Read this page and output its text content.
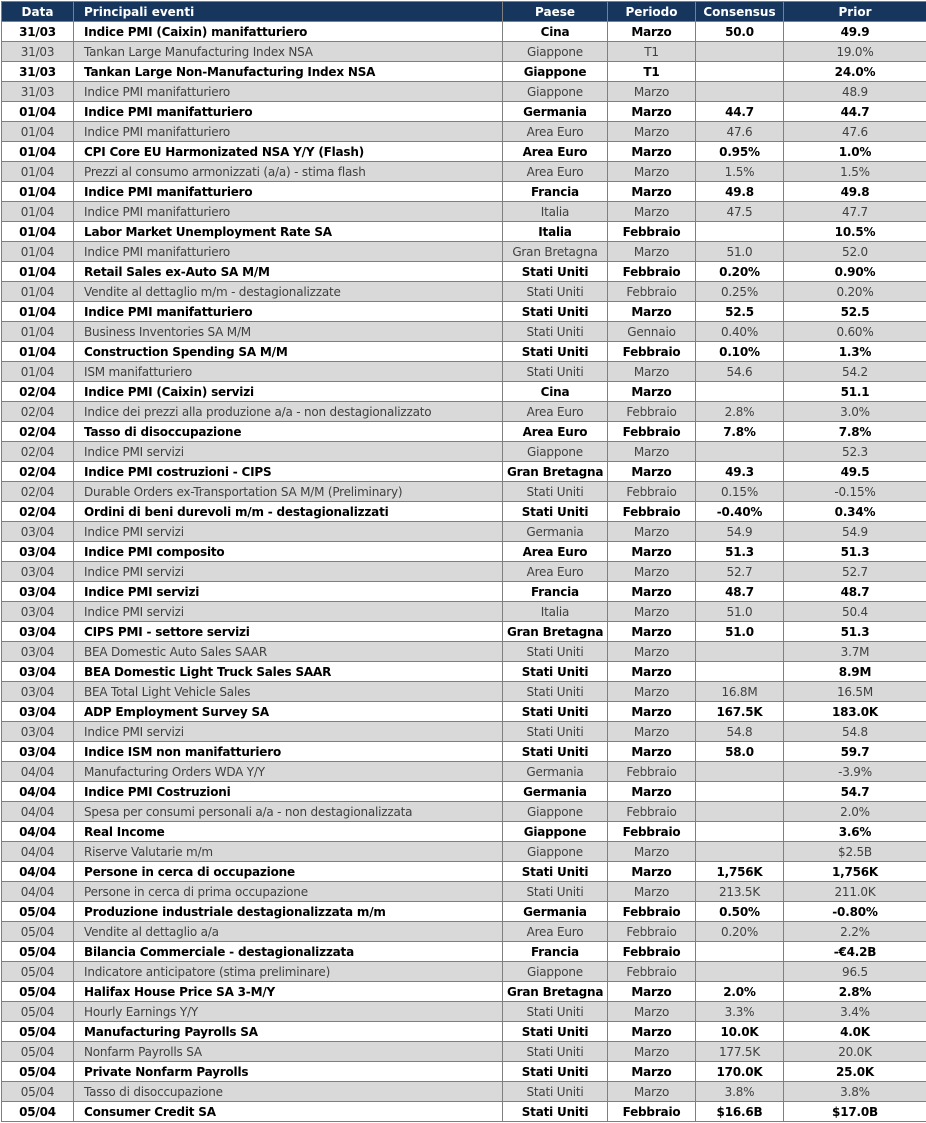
Data	Principali eventi	Paese	Periodo	Consensus	Prior
31/03	Indice PMI (Caixin) manifatturiero	Cina	Marzo	50.0	49.9
31/03	Tankan Large Manufacturing Index NSA	Giappone	T1		19.0%
31/03	Tankan Large Non-Manufacturing Index NSA	Giappone	T1		24.0%
31/03	Indice PMI manifatturiero	Giappone	Marzo		48.9
01/04	Indice PMI manifatturiero	Germania	Marzo	44.7	44.7
01/04	Indice PMI manifatturiero	Area Euro	Marzo	47.6	47.6
01/04	CPI Core EU Harmonizated NSA Y/Y (Flash)	Area Euro	Marzo	0.95%	1.0%
01/04	Prezzi al consumo armonizzati (a/a) - stima flash	Area Euro	Marzo	1.5%	1.5%
01/04	Indice PMI manifatturiero	Francia	Marzo	49.8	49.8
01/04	Indice PMI manifatturiero	Italia	Marzo	47.5	47.7
01/04	Labor Market Unemployment Rate SA	Italia	Febbraio		10.5%
01/04	Indice PMI manifatturiero	Gran Bretagna	Marzo	51.0	52.0
01/04	Retail Sales ex-Auto SA M/M	Stati Uniti	Febbraio	0.20%	0.90%
01/04	Vendite al dettaglio m/m - destagionalizzate	Stati Uniti	Febbraio	0.25%	0.20%
01/04	Indice PMI manifatturiero	Stati Uniti	Marzo	52.5	52.5
01/04	Business Inventories SA M/M	Stati Uniti	Gennaio	0.40%	0.60%
01/04	Construction Spending SA M/M	Stati Uniti	Febbraio	0.10%	1.3%
01/04	ISM manifatturiero	Stati Uniti	Marzo	54.6	54.2
02/04	Indice PMI (Caixin) servizi	Cina	Marzo		51.1
02/04	Indice dei prezzi alla produzione a/a - non destagionalizzato	Area Euro	Febbraio	2.8%	3.0%
02/04	Tasso di disoccupazione	Area Euro	Febbraio	7.8%	7.8%
02/04	Indice PMI servizi	Giappone	Marzo		52.3
02/04	Indice PMI costruzioni - CIPS	Gran Bretagna	Marzo	49.3	49.5
02/04	Durable Orders ex-Transportation SA M/M (Preliminary)	Stati Uniti	Febbraio	0.15%	-0.15%
02/04	Ordini di beni durevoli m/m - destagionalizzati	Stati Uniti	Febbraio	-0.40%	0.34%
03/04	Indice PMI servizi	Germania	Marzo	54.9	54.9
03/04	Indice PMI composito	Area Euro	Marzo	51.3	51.3
03/04	Indice PMI servizi	Area Euro	Marzo	52.7	52.7
03/04	Indice PMI servizi	Francia	Marzo	48.7	48.7
03/04	Indice PMI servizi	Italia	Marzo	51.0	50.4
03/04	CIPS PMI - settore servizi	Gran Bretagna	Marzo	51.0	51.3
03/04	BEA Domestic Auto Sales SAAR	Stati Uniti	Marzo		3.7M
03/04	BEA Domestic Light Truck Sales SAAR	Stati Uniti	Marzo		8.9M
03/04	BEA Total Light Vehicle Sales	Stati Uniti	Marzo	16.8M	16.5M
03/04	ADP Employment Survey SA	Stati Uniti	Marzo	167.5K	183.0K
03/04	Indice PMI servizi	Stati Uniti	Marzo	54.8	54.8
03/04	Indice ISM non manifatturiero	Stati Uniti	Marzo	58.0	59.7
04/04	Manufacturing Orders WDA Y/Y	Germania	Febbraio		-3.9%
04/04	Indice PMI Costruzioni	Germania	Marzo		54.7
04/04	Spesa per consumi personali a/a - non destagionalizzata	Giappone	Febbraio		2.0%
04/04	Real Income	Giappone	Febbraio		3.6%
04/04	Riserve Valutarie m/m	Giappone	Marzo		$2.5B
04/04	Persone in cerca di occupazione	Stati Uniti	Marzo	1,756K	1,756K
04/04	Persone in cerca di prima occupazione	Stati Uniti	Marzo	213.5K	211.0K
05/04	Produzione industriale destagionalizzata m/m	Germania	Febbraio	0.50%	-0.80%
05/04	Vendite al dettaglio a/a	Area Euro	Febbraio	0.20%	2.2%
05/04	Bilancia Commerciale - destagionalizzata	Francia	Febbraio		-€4.2B
05/04	Indicatore anticipatore (stima preliminare)	Giappone	Febbraio		96.5
05/04	Halifax House Price SA 3-M/Y	Gran Bretagna	Marzo	2.0%	2.8%
05/04	Hourly Earnings Y/Y	Stati Uniti	Marzo	3.3%	3.4%
05/04	Manufacturing Payrolls SA	Stati Uniti	Marzo	10.0K	4.0K
05/04	Nonfarm Payrolls SA	Stati Uniti	Marzo	177.5K	20.0K
05/04	Private Nonfarm Payrolls	Stati Uniti	Marzo	170.0K	25.0K
05/04	Tasso di disoccupazione	Stati Uniti	Marzo	3.8%	3.8%
05/04	Consumer Credit SA	Stati Uniti	Febbraio	$16.6B	$17.0B
